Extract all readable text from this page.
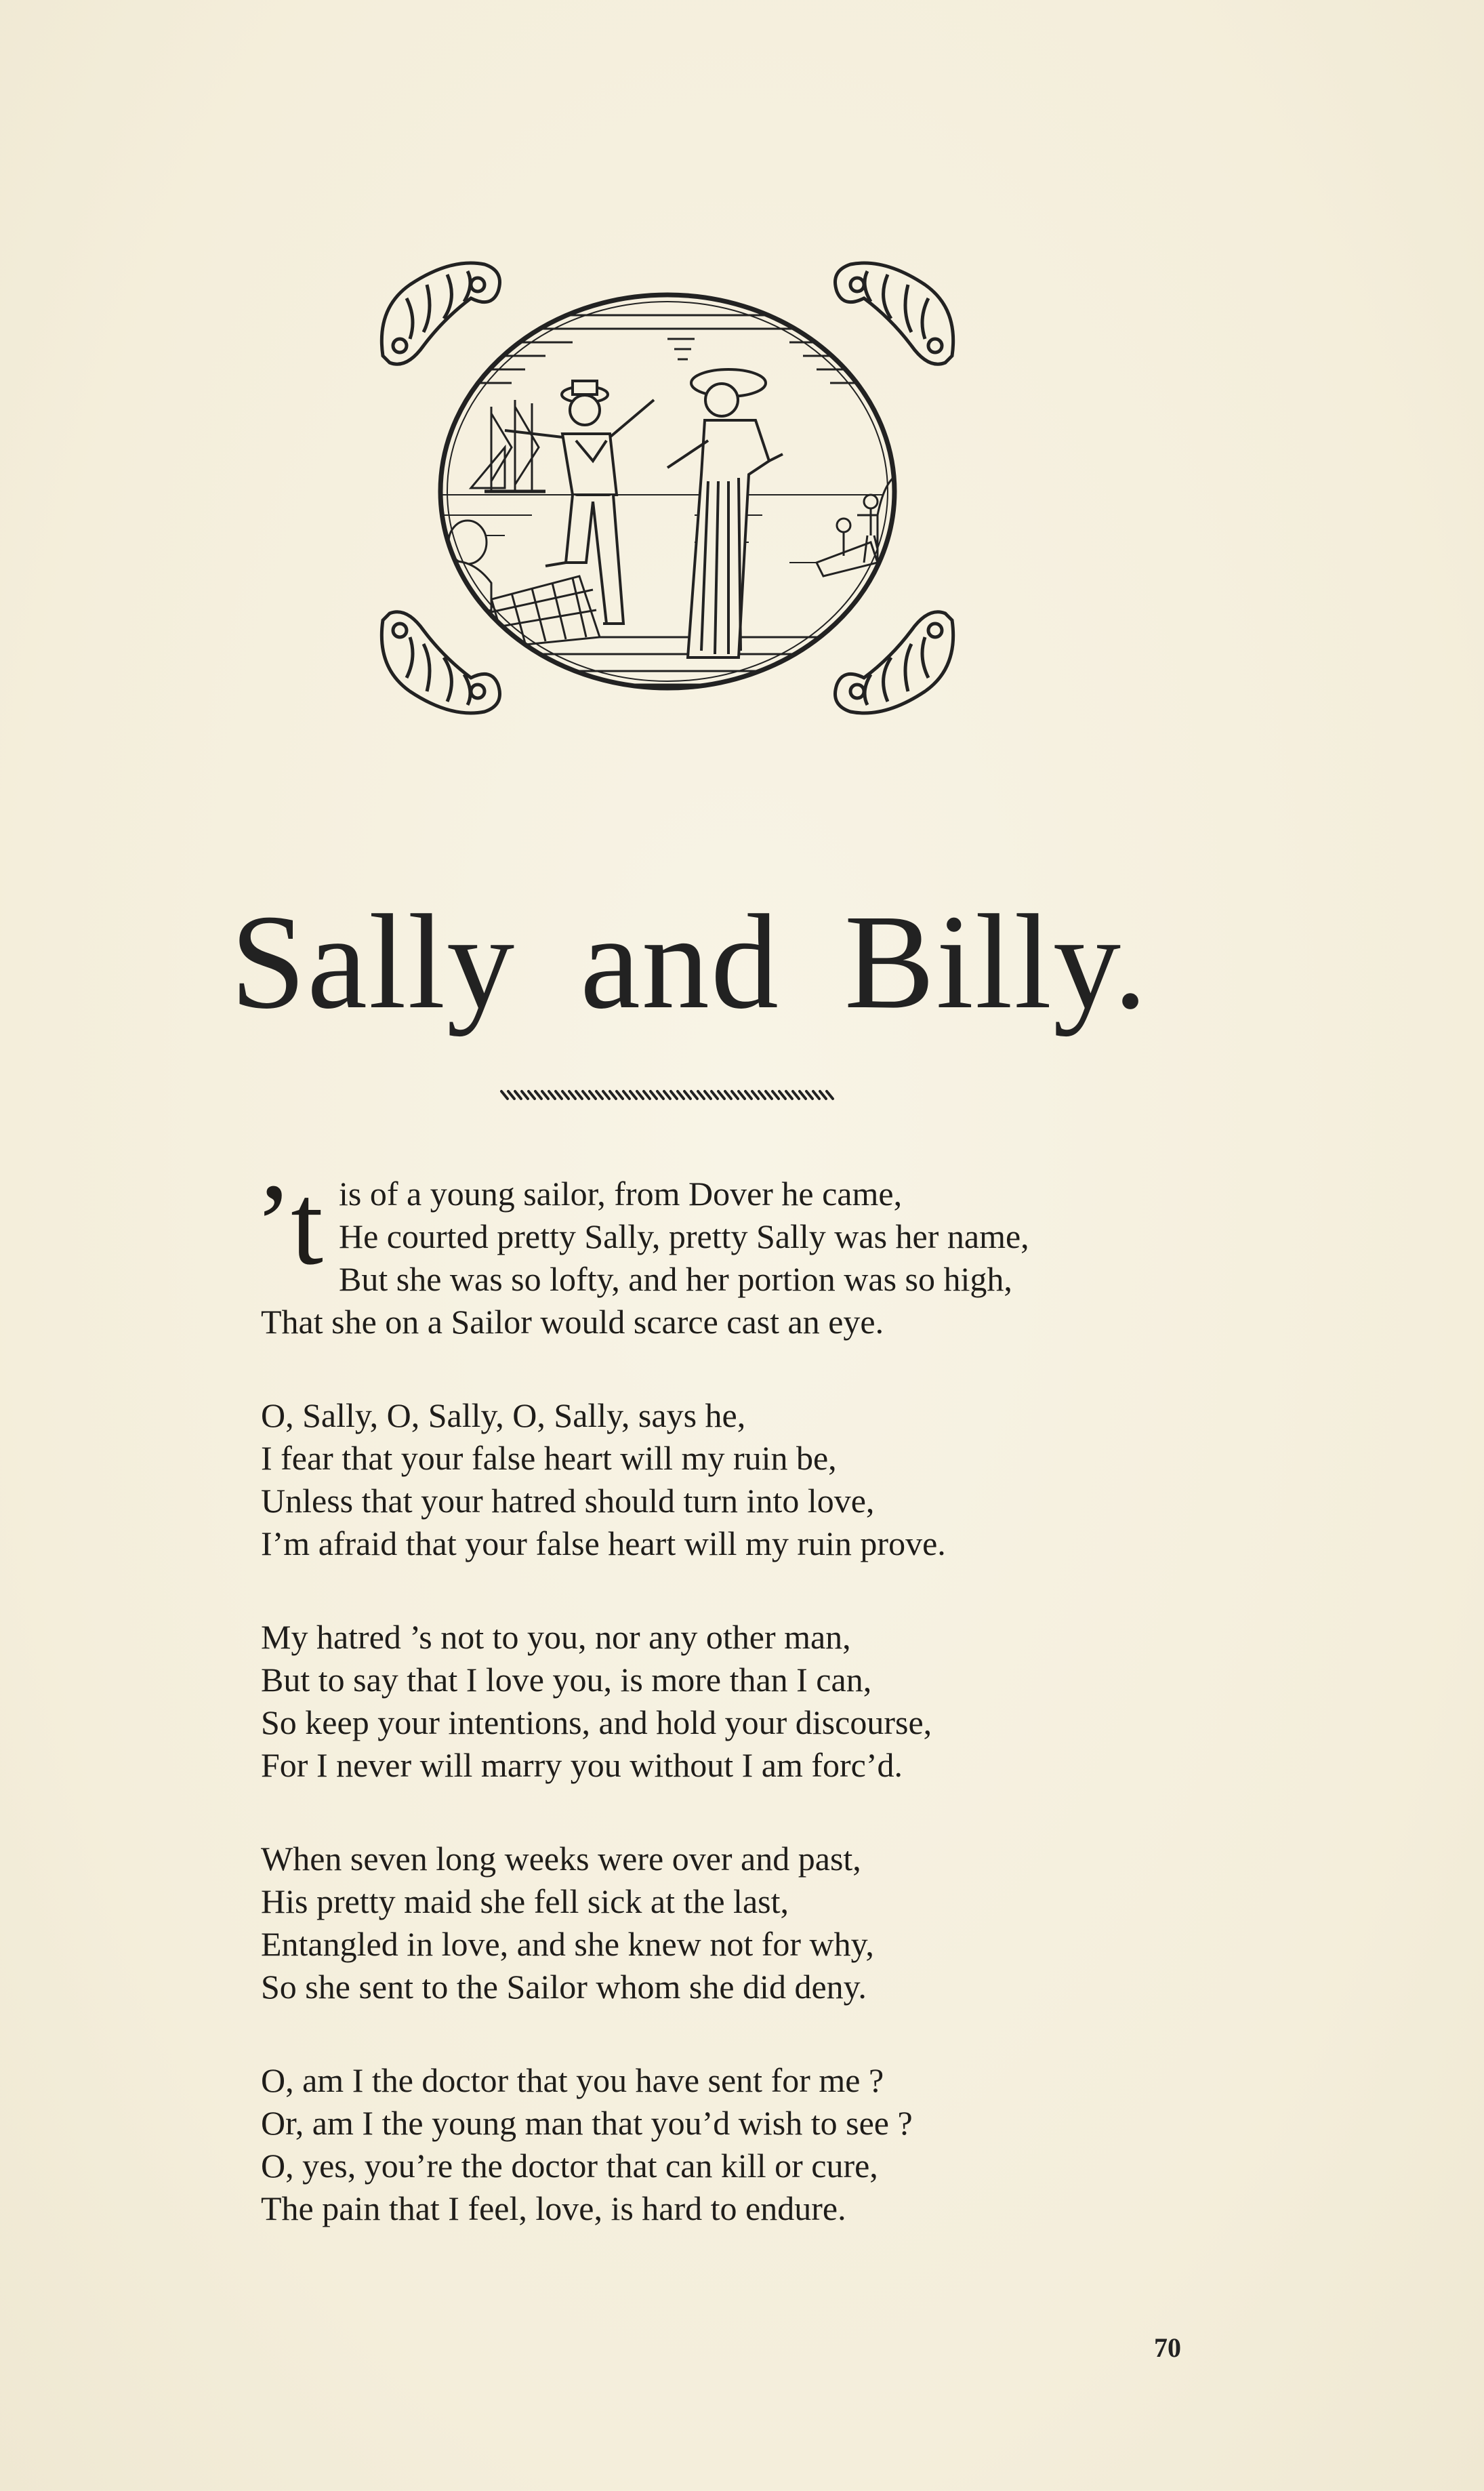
Sally and Billy.
’t is of a young sailor, from Dover he came,
He courted pretty Sally, pretty Sally was her name,
But she was so lofty, and her portion was so high,
That she on a Sailor would scarce cast an eye.
O, Sally, O, Sally, O, Sally, says he,
I fear that your false heart will my ruin be,
Unless that your hatred should turn into love,
I’m afraid that your false heart will my ruin prove.
My hatred ’s not to you, nor any other man,
But to say that I love you, is more than I can,
So keep your intentions, and hold your discourse,
For I never will marry you without I am forc’d.
When seven long weeks were over and past,
His pretty maid she fell sick at the last,
Entangled in love, and she knew not for why,
So she sent to the Sailor whom she did deny.
O, am I the doctor that you have sent for me ?
Or, am I the young man that you’d wish to see ?
O, yes, you’re the doctor that can kill or cure,
The pain that I feel, love, is hard to endure.
70
